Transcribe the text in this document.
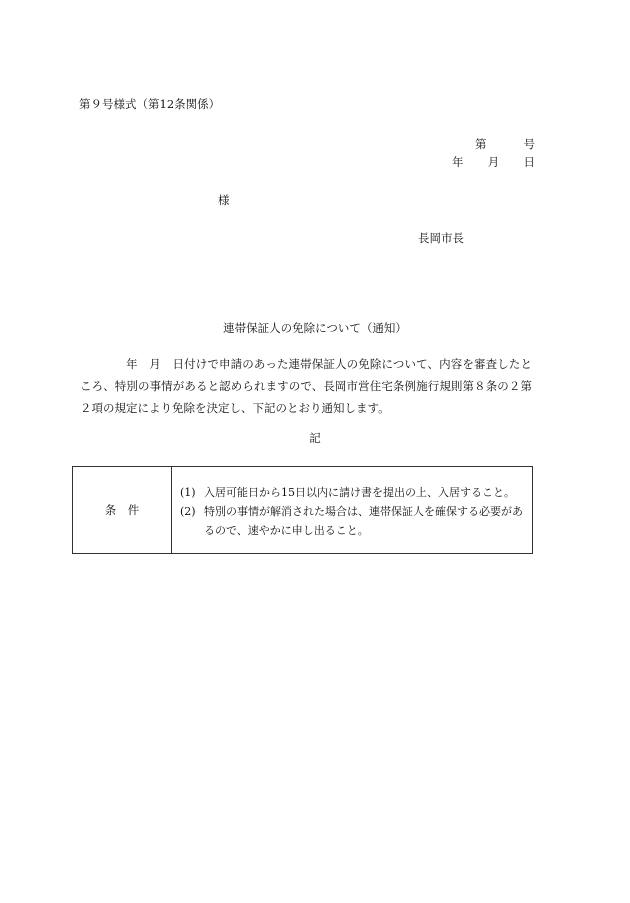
第９号様式（第12条関係）
第	号
年 月 日
様
長岡市長
連帯保証人の免除について（通知）
年　月　日付けで申請のあった連帯保証人の免除について、内容を審査したところ、特別の事情があると認められますので、長岡市営住宅条例施行規則第８条の２第２項の規定により免除を決定し、下記のとおり通知します。
記
条　件
(1) 入居可能日から15日以内に請け書を提出の上、入居すること。
(2) 特別の事情が解消された場合は、連帯保証人を確保する必要があるので、速やかに申し出ること。
